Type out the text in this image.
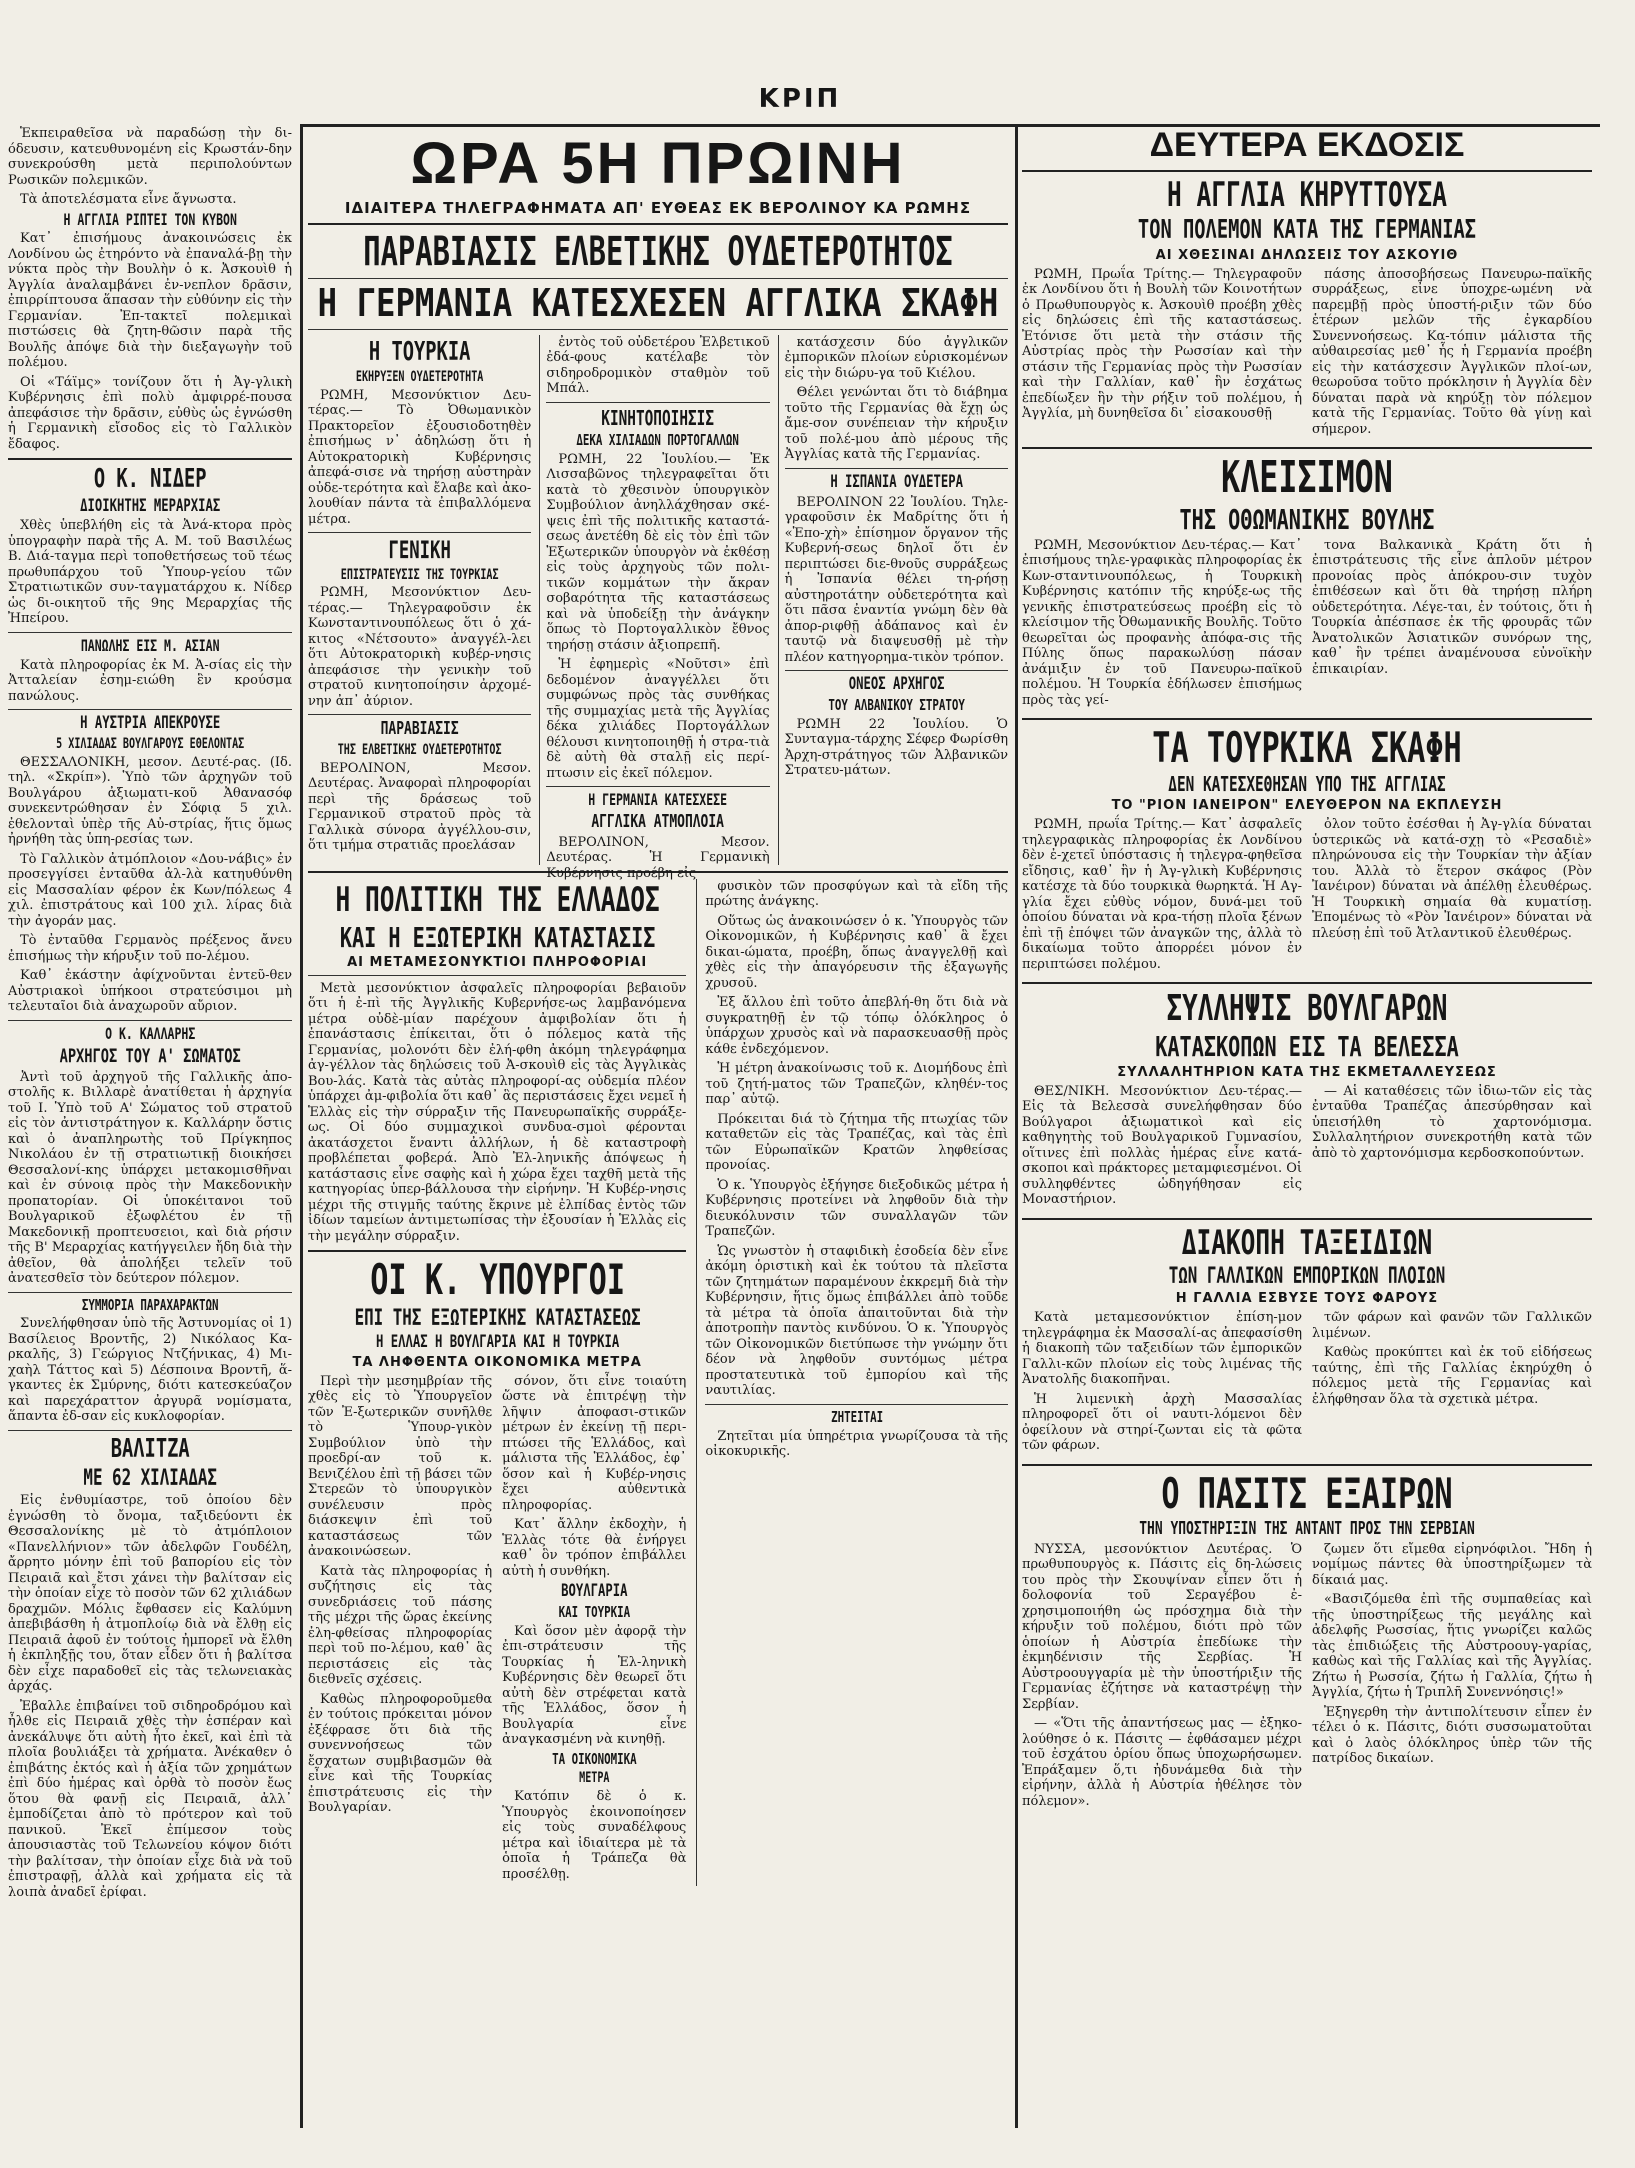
ΚΡΙΠ

Ἑκπειραθεῖσα νὰ παραδώσῃ τὴν δι-όδευσιν, κατευθυνομένη εἰς Κρωστάν-δην συνεκρούσθη μετὰ περιπολούντων Ρωσικῶν πολεμικῶν.

Τὰ ἀποτελέσματα εἶνε ἄγνωστα.

Η ΑΓΓΛΙΑ ΡΙΠΤΕΙ ΤΟΝ ΚΥΒΟΝ

Κατ᾽ ἐπισήμους ἀνακοινώσεις ἐκ Λονδίνου ὡς ἐτηρόντο νὰ ἐπαναλά-βῃ τὴν νύκτα πρὸς τὴν Βουλὴν ὁ κ. Ἀσκουὶθ ἡ Ἀγγλία ἀναλαμβάνει ἐν-νεπλον δρᾶσιν, ἐπιρρίπτουσα ἅπασαν τὴν εὐθύνην εἰς τὴν Γερμανίαν. Ἐπ-τακτεῖ πολεμικαὶ πιστώσεις θὰ ζητη-θῶσιν παρὰ τῆς Βουλῆς ἀπόψε διὰ τὴν διεξαγωγὴν τοῦ πολέμου.

Οἱ «Τάϊμς» τονίζουν ὅτι ἡ Ἀγ-γλικὴ Κυβέρνησις ἐπὶ πολὺ ἀμφιρρέ-πουσα ἀπεφάσισε τὴν δρᾶσιν, εὐθὺς ὡς ἐγνώσθη ἡ Γερμανικὴ εἴσοδος εἰς τὸ Γαλλικὸν ἔδαφος.

Ο Κ. ΝΙΔΕΡ
ΔΙΟΙΚΗΤΗΣ ΜΕΡΑΡΧΙΑΣ

Χθὲς ὑπεβλήθη εἰς τὰ Ἀνά-κτορα πρὸς ὑπογραφὴν παρὰ τῆς Α. Μ. τοῦ Βασιλέως Β. Διά-ταγμα περὶ τοποθετήσεως τοῦ τέως πρωθυπάρχου τοῦ Ὑπουρ-γείου τῶν Στρατιωτικῶν συν-ταγματάρχου κ. Νίδερ ὡς δι-οικητοῦ τῆς 9ης Μεραρχίας τῆς Ἠπείρου.

ΠΑΝΩΛΗΣ ΕΙΣ Μ. ΑΣΙΑΝ

Κατὰ πληροφορίας ἐκ Μ. Ἀ-σίας εἰς τὴν Ἀτταλείαν ἐσημ-ειώθη ἓν κρούσμα πανώλους.

Η ΑΥΣΤΡΙΑ ΑΠΕΚΡΟΥΣΕ
5 ΧΙΛΙΑΔΑΣ ΒΟΥΛΓΑΡΟΥΣ ΕΘΕΛΟΝΤΑΣ

ΘΕΣΣΑΛΟΝΙΚΗ, μεσον. Δευτέ-ρας. (Ιδ. τηλ. «Σκρίπ»). Ὑπὸ τῶν ἀρχηγῶν τοῦ Βουλγάρου ἀξιωματι-κοῦ Ἀθανασόφ συνεκεντρώθησαν ἐν Σόφιᾳ 5 χιλ. ἐθελονταὶ ὑπὲρ τῆς Αὐ-στρίας, ἥτις ὅμως ἠρνήθη τὰς ὑπη-ρεσίας των.

Τὸ Γαλλικὸν ἀτμόπλοιον «Δου-νάβις» ἐν προσεγγίσει ἐνταῦθα ἀλ-λὰ κατηυθύνθη εἰς Μασσαλίαν φέρον ἐκ Κων/πόλεως 4 χιλ. ἐπιστράτους καὶ 100 χιλ. λίρας διὰ τὴν ἀγοράν μας.

Τὸ ἐνταῦθα Γερμανὸς πρέξενος ἄνευ ἐπισήμως τὴν κήρυξιν τοῦ πο-λέμου.

Καθ᾽ ἑκάστην ἀφίχνοῦνται ἐντεῦ-θεν Αὐστριακοὶ ὑπήκοοι στρατεύσιμοι μὴ τελευταῖοι διὰ ἀναχωροῦν αὔριον.

Ο Κ. ΚΑΛΛΑΡΗΣ
ΑΡΧΗΓΟΣ ΤΟΥ Α' ΣΩΜΑΤΟΣ

Ἀντὶ τοῦ ἀρχηγοῦ τῆς Γαλλικῆς ἀπο-στολῆς κ. Βιλλαρὲ ἀνατίθεται ἡ ἀρχηγία τοῦ Ι. Ὑπὸ τοῦ Α' Σώματος τοῦ στρατοῦ εἰς τὸν ἀντιστράτηγον κ. Καλλάρην ὅστις καὶ ὁ ἀναπληρωτὴς τοῦ Πρίγκηπος Νικολάου ἐν τῇ στρατιωτικῇ διοικήσει Θεσσαλονί-κης ὑπάρχει μετακομισθῆναι καὶ ἐν σύνοιᾳ πρὸς τὴν Μακεδονικὴν προπατορίαν. Οἱ ὑποκέιτανοι τοῦ Βουλγαρικοῦ ἐξωφλέτου ἐν τῇ Μακεδονικῇ προπτευσειοι, καὶ διὰ ρήσιν τῆς Β' Μεραρχίας κατήγγειλεν ἤδη διὰ τὴν ἀθεῖον, θὰ ἀπολήξει τελεῖν τοῦ ἀνατεσθεῖσ τὸν δεύτερον πόλεμον.

ΣΥΜΜΟΡΙΑ ΠΑΡΑΧΑΡΑΚΤΩΝ

Συνελήφθησαν ὑπὸ τῆς Ἀστυνομίας οἱ 1) Βασίλειος Βροντῆς, 2) Νικόλαος Κα-ρκαλῆς, 3) Γεώργιος Ντζήνικας, 4) Μι-χαὴλ Τάττος καὶ 5) Δέσποινα Βροντῆ, ἅ-γκαντες ἐκ Σμύρνης, διότι κατεσκεύαζον καὶ παρεχάραττον ἀργυρᾶ νομίσματα, ἅπαντα ἐδ-σαν εἰς κυκλοφορίαν.

ΒΑΛΙΤΖΑ
ΜΕ 62 ΧΙΛΙΑΔΑΣ

Εἰς ἐνθυμίαστρε, τοῦ ὁποίου δὲν ἐγνώσθη τὸ ὄνομα, ταξιδεύοντι ἐκ Θεσσαλονίκης μὲ τὸ ἀτμόπλοιον «Πανελλήνιον» τῶν ἀδελφῶν Γουδέλη, ἄρρητο μόνην ἐπὶ τοῦ βαπορίου εἰς τὸν Πειραιᾶ καὶ ἔτσι χάνει τὴν βαλίτσαν εἰς τὴν ὁποίαν εἶχε τὸ ποσὸν τῶν 62 χιλιάδων δραχμῶν. Μόλις ἔφθασεν εἰς Καλύμνη ἀπεβιβάσθη ἡ ἀτμοπλοίῳ διὰ νὰ ἔλθῃ εἰς Πειραιᾶ ἀφοῦ ἐν τούτοις ἠμπορεῖ νὰ ἔλθη ἡ ἐκπληξῇς του, ὅταν εἶδεν ὅτι ἡ βαλίτσα δὲν εἶχε παραδοθεῖ εἰς τὰς τελωνειακὰς ἀρχάς.

Ἐβαλλε ἐπιβαίνει τοῦ σιδηροδρόμου καὶ ἦλθε εἰς Πειραιᾶ χθὲς τὴν ἑσπέραν καὶ ἀνεκάλυψε ὅτι αὐτὴ ἦτο ἐκεῖ, καὶ ἐπὶ τὰ πλοῖα βουλιάξει τὰ χρήματα. Ἀνέκαθεν ὁ ἐπιβάτης ἐκτός καὶ ἡ ἀξία τῶν χρημάτων ἐπὶ δύο ἡμέρας καὶ ὀρθὰ τὸ ποσὸν ἔως ὅτου θὰ φανῇ εἰς Πειραιᾶ, ἀλλ᾽ ἐμποδίζεται ἀπὸ τὸ πρότερον καὶ τοῦ πανικοῦ. Ἐκεῖ ἐπίμεσον τοὺς ἀπουσιαστὰς τοῦ Τελωνείου κόψον διότι τὴν βαλίτσαν, τὴν ὁποίαν εἶχε διὰ νὰ τοῦ ἐπιστραφῇ, ἀλλὰ καὶ χρήματα εἰς τὰ λοιπὰ ἀναδεῖ ἐρίφαι.

ΩΡΑ 5Η ΠΡΩΙΝΗ
ΙΔΙΑΙΤΕΡΑ ΤΗΛΕΓΡΑΦΗΜΑΤΑ ΑΠ' ΕΥΘΕΑΣ ΕΚ ΒΕΡΟΛΙΝΟΥ ΚΑ ΡΩΜΗΣ
ΠΑΡΑΒΙΑΣΙΣ ΕΛΒΕΤΙΚΗΣ ΟΥΔΕΤΕΡΟΤΗΤΟΣ
Η ΓΕΡΜΑΝΙΑ ΚΑΤΕΣΧΕΣΕΝ ΑΓΓΛΙΚΑ ΣΚΑΦΗ
Η ΤΟΥΡΚΙΑ
ΕΚΗΡΥΞΕΝ ΟΥΔΕΤΕΡΟΤΗΤΑ

ΡΩΜΗ, Μεσονύκτιον Δευ-τέρας.— Τὸ Ὀθωμανικὸν Πρακτορεῖον ἐξουσιοδοτηθὲν ἐπισήμως ν᾽ ἀδηλώσῃ ὅτι ἡ Αὐτοκρατορικὴ Κυβέρνησις ἀπεφά-σισε νὰ τηρήσῃ αὐστηρὰν οὐδε-τερότητα καὶ ἔλαβε καὶ ἀκο-λουθίαν πάντα τὰ ἐπιβαλλόμενα μέτρα.

ΓΕΝΙΚΗ
ΕΠΙΣΤΡΑΤΕΥΣΙΣ ΤΗΣ ΤΟΥΡΚΙΑΣ

ΡΩΜΗ, Μεσονύκτιον Δευ-τέρας.— Τηλεγραφοῦσιν ἐκ Κωνσταντινουπόλεως ὅτι ὁ χά-κιτος «Νέτσουτο» ἀναγγέλ-λει ὅτι Αὐτοκρατορικὴ κυβέρ-νησις ἀπεφάσισε τὴν γενικὴν τοῦ στρατοῦ κινητοποίησιν ἀρχομέ-νην ἀπ᾽ ἀύριον.

ΠΑΡΑΒΙΑΣΙΣ
ΤΗΣ ΕΛΒΕΤΙΚΗΣ ΟΥΔΕΤΕΡΟΤΗΤΟΣ

ΒΕΡΟΛΙΝΟΝ, Μεσον. Δευτέρας. Ἀναφοραὶ πληροφορίαι περὶ τῆς δράσεως τοῦ Γερμανικοῦ στρατοῦ πρὸς τὰ Γαλλικὰ σύνορα ἀγγέλλου-σιν, ὅτι τμήμα στρατιᾶς προελάσαν

ἐντὸς τοῦ οὐδετέρου Ἐλβετικοῦ ἐδά-φους κατέλαβε τὸν σιδηροδρομικὸν σταθμὸν τοῦ Μπάλ.

ΚΙΝΗΤΟΠΟΙΗΣΙΣ
ΔΕΚΑ ΧΙΛΙΑΔΩΝ ΠΟΡΤΟΓΑΛΛΩΝ

ΡΩΜΗ, 22 Ἰουλίου.— Ἐκ Λισσαβῶνος τηλεγραφεῖται ὅτι κατὰ τὸ χθεσινὸν ὑπουργικὸν Συμβούλιον ἀνηλλάχθησαν σκέ-ψεις ἐπὶ τῆς πολιτικῆς καταστά-σεως ἀνετέθη δὲ εἰς τὸν ἐπὶ τῶν Ἐξωτερικῶν ὑπουργὸν νὰ ἐκθέσῃ εἰς τοὺς ἀρχηγοὺς τῶν πολι-τικῶν κομμάτων τὴν ἄκραν σοβαρότητα τῆς καταστάσεως καὶ νὰ ὑποδείξῃ τὴν ἀνάγκην ὅπως τὸ Πορτογαλλικὸν ἔθνος τηρήσῃ στάσιν ἀξιοπρεπῆ.

Ἡ ἐφημερὶς «Νοῦτσι» ἐπὶ δεδομένον ἀναγγέλλει ὅτι συμφώνως πρὸς τὰς συνθήκας τῆς συμμαχίας μετὰ τῆς Ἀγγλίας δέκα χιλιάδες Πορτογάλλων θέλουσι κινητοποιηθῇ ἡ στρα-τιὰ δὲ αὐτὴ θὰ σταλῇ εἰς περί-πτωσιν εἰς ἐκεῖ πόλεμον.

Η ΓΕΡΜΑΝΙΑ ΚΑΤΕΣΧΕΣΕ
ΑΓΓΛΙΚΑ ΑΤΜΟΠΛΟΙΑ

ΒΕΡΟΛΙΝΟΝ, Μεσον. Δευτέρας. Ἡ Γερμανικὴ Κυβέρνησις προέβη εἰς

κατάσχεσιν δύο ἀγγλικῶν ἐμπορικῶν πλοίων εὑρισκομένων εἰς τὴν διώρυ-γα τοῦ Κιέλου.

Θέλει γενώνται ὅτι τὸ διάβημα τοῦτο τῆς Γερμανίας θὰ ἔχῃ ὡς ἄμε-σον συνέπειαν τὴν κήρυξιν τοῦ πολέ-μου ἀπὸ μέρους τῆς Ἀγγλίας κατὰ τῆς Γερμανίας.

Η ΙΣΠΑΝΙΑ ΟΥΔΕΤΕΡΑ

ΒΕΡΟΛΙΝΟΝ 22 Ἰουλίου. Τηλε-γραφοῦσιν ἐκ Μαδρίτης ὅτι ἡ «Ἐπο-χὴ» ἐπίσημον ὄργανον τῆς Κυβερνή-σεως δηλοῖ ὅτι ἐν περιπτώσει διε-θνοῦς συρράξεως ἡ Ἰσπανία θέλει τη-ρήσῃ αὐστηροτάτην οὐδετερότητα καὶ ὅτι πᾶσα ἐναντία γνώμη δὲν θὰ ἀπορ-ριφθῇ ἀδάπανος καὶ ἐν ταυτῷ νὰ διαψευσθῇ μὲ τὴν πλέον κατηγορημα-τικὸν τρόπον.

ΟΝΕΟΣ ΑΡΧΗΓΟΣ
ΤΟΥ ΑΛΒΑΝΙΚΟΥ ΣΤΡΑΤΟΥ

ΡΩΜΗ 22 Ἰουλίου. Ὁ Συνταγμα-τάρχης Σέφερ Φωρίσθη Ἀρχη-στράτηγος τῶν Ἀλβανικῶν Στρατευ-μάτων.

Η ΠΟΛΙΤΙΚΗ ΤΗΣ ΕΛΛΑΔΟΣ
ΚΑΙ Η ΕΞΩΤΕΡΙΚΗ ΚΑΤΑΣΤΑΣΙΣ
ΑΙ ΜΕΤΑΜΕΣΟΝΥΚΤΙΟΙ ΠΛΗΡΟΦΟΡΙΑΙ

Μετὰ μεσονύκτιον ἀσφαλεῖς πληροφορίαι βεβαιοῦν ὅτι ἡ ἐ-πὶ τῆς Ἀγγλικῆς Κυβερνήσε-ως λαμβανόμενα μέτρα οὐδὲ-μίαν παρέχουν ἀμφιβολίαν ὅτι ἡ ἐπανάστασις ἐπίκειται, ὅτι ὁ πόλεμος κατὰ τῆς Γερμανίας, μολονότι δὲν ἐλή-φθη ἀκόμη τηλεγράφημα ἀγ-γέλλον τὰς δηλώσεις τοῦ Ἀ-σκουὶθ εἰς τὰς Ἀγγλικὰς Βου-λάς. Κατὰ τὰς αὐτὰς πληροφορί-ας οὐδεμία πλέον ὑπάρχει ἀμ-φιβολία ὅτι καθ᾽ ἃς περιστάσεις ἔχει νεμεῖ ἡ Ἑλλὰς εἰς τὴν σύρραξιν τῆς Πανευρωπαϊκῆς συρράξε-ως. Οἱ δύο συμμαχικοὶ συνδυα-σμοὶ φέρονται ἀκατάσχετοι ἔναντι ἀλλήλων, ἡ δὲ καταστροφὴ προβλέπεται φοβερά. Ἀπὸ Ἐλ-ληνικῆς ἀπόψεως ἡ κατάστασις εἶνε σαφὴς καὶ ἡ χώρα ἔχει ταχθῆ μετὰ τῆς κατηγορίας ὑπερ-βάλλουσα τὴν εἰρήνην. Ἡ Κυβέρ-νησις μέχρι τῆς στιγμῆς ταύτης ἔκρινε μὲ ἐλπίδας ἐντὸς τῶν ἰδίων ταμείων ἀντιμετωπίσας τὴν ἐξουσίαν ἡ Ἑλλὰς εἰς τὴν μεγάλην σύρραξιν.

ΟΙ Κ. ΥΠΟΥΡΓΟΙ
ΕΠΙ ΤΗΣ ΕΞΩΤΕΡΙΚΗΣ ΚΑΤΑΣΤΑΣΕΩΣ
Η ΕΛΛΑΣ Η ΒΟΥΛΓΑΡΙΑ ΚΑΙ Η ΤΟΥΡΚΙΑ
ΤΑ ΛΗΦΘΕΝΤΑ ΟΙΚΟΝΟΜΙΚΑ ΜΕΤΡΑ

Περὶ τὴν μεσημβρίαν τῆς χθὲς εἰς τὸ Ὑπουργεῖον τῶν Ἐ-ξωτερικῶν συνῆλθε τὸ Ὑπουρ-γικὸν Συμβούλιον ὑπὸ τὴν προεδρί-αν τοῦ κ. Βενιζέλου ἐπὶ τῇ βάσει τῶν Στερεῶν τὸ ὑπουργικὸν συνέλευσιν πρὸς διάσκεψιν ἐπὶ τοῦ καταστάσεως τῶν ἀνακοινώσεων.

Κατὰ τὰς πληροφορίας ἡ συζήτησις εἰς τὰς συνεδριάσεις τοῦ πάσης τῆς μέχρι τῆς ὥρας ἐκείνης ἐλη-φθείσας πληροφορίας περὶ τοῦ πο-λέμου, καθ᾽ ἃς περιστάσεις εἰς τὰς διεθνεῖς σχέσεις.

Καθὼς πληροφοροῦμεθα ἐν τούτοις πρόκειται μόνον ἐξέφρασε ὅτι διὰ τῆς συνεννοήσεως τῶν ἔσχατων συμβιβασμῶν θὰ εἶνε καὶ τῆς Τουρκίας ἐπιστράτευσις εἰς τὴν Βουλγαρίαν.

σόνον, ὅτι εἶνε τοιαύτη ὥστε νὰ ἐπιτρέψῃ τὴν λῆψιν ἀποφασι-στικῶν μέτρων ἐν ἐκείνῃ τῇ περι-πτώσει τῆς Ἑλλάδος, καὶ μάλιστα τῆς Ἑλλάδος, ἐφ᾽ ὅσον καὶ ἡ Κυβέρ-νησις ἔχει αὐθεντικὰ πληροφορίας.

Κατ᾽ ἄλλην ἐκδοχὴν, ἡ Ἑλλὰς τότε θὰ ἐνήργει καθ᾽ ὃν τρόπον ἐπιβάλλει αὐτὴ ἡ συνθήκη.

ΒΟΥΛΓΑΡΙΑ
ΚΑΙ ΤΟΥΡΚΙΑ

Καὶ ὅσον μὲν ἀφορᾷ τὴν ἐπι-στράτευσιν τῆς Τουρκίας ἡ Ἑλ-ληνικὴ Κυβέρνησις δὲν θεωρεῖ ὅτι αὐτὴ δὲν στρέφεται κατὰ τῆς Ἑλλάδος, ὅσον ἡ Βουλγαρία εἶνε ἀναγκασμένη νὰ κινηθῇ.

ΤΑ ΟΙΚΟΝΟΜΙΚΑ
ΜΕΤΡΑ

Κατόπιν δὲ ὁ κ. Ὑπουργὸς ἐκοινοποίησεν εἰς τοὺς συναδέλφους μέτρα καὶ ἰδιαίτερα μὲ τὰ ὁποῖα ἡ Τράπεζα θὰ προσέλθῃ.

φυσικὸν τῶν προσφύγων καὶ τὰ εἴδη τῆς πρώτης ἀνάγκης.

Οὕτως ὡς ἀνακοινώσεν ὁ κ. Ὑπουργὸς τῶν Οἰκονομικῶν, ἡ Κυβέρνησις καθ᾽ ἃ ἔχει δικαι-ώματα, προέβη, ὅπως ἀναγγελθῇ καὶ χθὲς εἰς τὴν ἀπαγόρευσιν τῆς ἐξαγωγῆς χρυσοῦ.

Ἐξ ἄλλου ἐπὶ τοῦτο ἀπεβλή-θη ὅτι διὰ νὰ συγκρατηθῇ ἐν τῷ τόπῳ ὁλόκληρος ὁ ὑπάρχων χρυσὸς καὶ νὰ παρασκευασθῇ πρὸς κάθε ἐνδεχόμενον.

Ἡ μέτρη ἀνακοίνωσις τοῦ κ. Διομήδους ἐπὶ τοῦ ζητή-ματος τῶν Τραπεζῶν, κληθέν-τος παρ᾽ αὐτῷ.

Πρόκειται διά τὸ ζήτημα τῆς πτωχίας τῶν καταθετῶν εἰς τὰς Τραπέζας, καὶ τὰς ἐπὶ τῶν Εὐρωπαϊκῶν Κρατῶν ληφθείσας προνοίας.

Ὁ κ. Ὑπουργὸς ἐξήγησε διεξοδικῶς μέτρα ἡ Κυβέρνησις προτείνει νὰ ληφθοῦν διὰ τὴν διευκόλυνσιν τῶν συναλλαγῶν τῶν Τραπεζῶν.

Ὡς γνωστὸν ἡ σταφιδικὴ ἐσοδεία δὲν εἶνε ἀκόμη ὁριστικὴ καὶ ἐκ τούτου τὰ πλεῖστα τῶν ζητημάτων παραμένουν ἐκκρεμῆ διὰ τὴν Κυβέρνησιν, ἥτις ὅμως ἐπιβάλλει ἀπὸ τοῦδε τὰ μέτρα τὰ ὁποῖα ἀπαιτοῦνται διὰ τὴν ἀποτροπὴν παντὸς κινδύνου. Ὁ κ. Ὑπουργὸς τῶν Οἰκονομικῶν διετύπωσε τὴν γνώμην ὅτι δέον νὰ ληφθοῦν συντόμως μέτρα προστατευτικὰ τοῦ ἐμπορίου καὶ τῆς ναυτιλίας.

ΖΗΤΕΙΤΑΙ

Ζητεῖται μία ὑπηρέτρια γνωρίζουσα τὰ τῆς οἰκοκυρικῆς.

ΔΕΥΤΕΡΑ ΕΚΔΟΣΙΣ
Η ΑΓΓΛΙΑ ΚΗΡΥΤΤΟΥΣΑ
ΤΟΝ ΠΟΛΕΜΟΝ ΚΑΤΑ ΤΗΣ ΓΕΡΜΑΝΙΑΣ
ΑΙ ΧΘΕΣΙΝΑΙ ΔΗΛΩΣΕΙΣ ΤΟΥ ΑΣΚΟΥΙΘ

ΡΩΜΗ, Πρωΐα Τρίτης.— Τηλεγραφοῦν ἐκ Λονδίνου ὅτι ἡ Βουλὴ τῶν Κοινοτήτων ὁ Πρωθυπουργὸς κ. Ἀσκουὶθ προέβη χθὲς εἰς δηλώσεις ἐπὶ τῆς καταστάσεως. Ἐτόνισε ὅτι μετὰ τὴν στάσιν τῆς Αὐστρίας πρὸς τὴν Ρωσσίαν καὶ τὴν στάσιν τῆς Γερμανίας πρὸς τὴν Ρωσσίαν καὶ τὴν Γαλλίαν, καθ᾽ ἣν ἐσχάτως ἐπεδίωξεν ἣν τὴν ρήξιν τοῦ πολέμου, ἡ Ἀγγλία, μὴ δυνηθεῖσα δι᾽ εἰσακουσθῇ

πάσης ἀποσοβήσεως Πανευρω-παϊκῆς συρράξεως, εἶνε ὑποχρε-ωμένη νὰ παρεμβῇ πρὸς ὑποστή-ριξιν τῶν δύο ἑτέρων μελῶν τῆς ἐγκαρδίου Συνεννοήσεως. Κα-τόπιν μάλιστα τῆς αὐθαιρεσίας μεθ᾽ ἧς ἡ Γερμανία προέβη εἰς τὴν κατάσχεσιν Ἀγγλικῶν πλοί-ων, θεωροῦσα τοῦτο πρόκλησιν ἡ Ἀγγλία δὲν δύναται παρὰ νὰ κηρύξῃ τὸν πόλεμον κατὰ τῆς Γερμανίας. Τοῦτο θὰ γίνῃ καὶ σήμερον.

ΚΛΕΙΣΙΜΟΝ
ΤΗΣ ΟΘΩΜΑΝΙΚΗΣ ΒΟΥΛΗΣ

ΡΩΜΗ, Μεσονύκτιον Δευ-τέρας.— Κατ᾽ ἐπισήμους τηλε-γραφικὰς πληροφορίας ἐκ Κων-σταντινουπόλεως, ἡ Τουρκικὴ Κυβέρνησις κατόπιν τῆς κηρύξε-ως τῆς γενικῆς ἐπιστρατεύσεως προέβη εἰς τὸ κλείσιμον τῆς Ὀθωμανικῆς Βουλῆς. Τοῦτο θεωρεῖται ὡς προφανὴς ἀπόφα-σις τῆς Πύλης ὅπως παρακωλύσῃ πάσαν ἀνάμιξιν ἐν τοῦ Πανευρω-παϊκοῦ πολέμου. Ἡ Τουρκία ἐδήλωσεν ἐπισήμως πρὸς τὰς γεί-

τονα Βαλκανικὰ Κράτη ὅτι ἡ ἐπιστράτευσις τῆς εἶνε ἁπλοῦν μέτρον προνοίας πρὸς ἀπόκρου-σιν τυχὸν ἐπιθέσεων καὶ ὅτι θὰ τηρήσῃ πλήρη οὐδετερότητα. Λέγε-ται, ἐν τούτοις, ὅτι ἡ Τουρκία ἀπέσπασε ἐκ τῆς φρουρᾶς τῶν Ἀνατολικῶν Ἀσιατικῶν συνόρων της, καθ᾽ ἣν τρέπει ἀναμένουσα εὐνοϊκὴν ἐπικαιρίαν.

ΤΑ ΤΟΥΡΚΙΚΑ ΣΚΑΦΗ
ΔΕΝ ΚΑΤΕΣΧΕΘΗΣΑΝ ΥΠΟ ΤΗΣ ΑΓΓΛΙΑΣ
ΤΟ "ΡΙΟΝ ΙΑΝΕΙΡΟΝ" ΕΛΕΥΘΕΡΟΝ ΝΑ ΕΚΠΛΕΥΣΗ

ΡΩΜΗ, πρωΐα Τρίτης.— Κατ᾽ ἀσφαλεῖς τηλεγραφικὰς πληροφορίας ἐκ Λονδίνου δὲν ἐ-χετεῖ ὑπόστασις ἡ τηλεγρα-φηθεῖσα εἴδησις, καθ᾽ ἣν ἡ Ἀγ-γλικὴ Κυβέρνησις κατέσχε τὰ δύο τουρκικὰ θωρηκτά. Ἡ Αγ-γλία ἔχει εὐθὺς νόμον, δυνά-μει τοῦ ὁποίου δύναται νὰ κρα-τήσῃ πλοῖα ξένων ἐπὶ τῇ ἐπόψει τῶν ἀναγκῶν της, ἀλλὰ τὸ δικαίωμα τοῦτο ἀπορρέει μόνον ἐν περιπτώσει πολέμου.

ὀλον τοῦτο ἐσέσθαι ἡ Ἀγ-γλία δύναται ὑστερικῶς νὰ κατά-σχῃ τὸ «Ρεσαδιὲ» πληρώνουσα εἰς τὴν Τουρκίαν τὴν ἀξίαν του. Ἀλλὰ τὸ ἕτερον σκάφος (Ρὸν Ἰανέιρον) δύναται νὰ ἀπέλθῃ ἐλευθέρως. Ἡ Τουρκικὴ σημαία θὰ κυματίσῃ. Ἐπομένως τὸ «Ρὸν Ἰανέιρον» δύναται νὰ πλεύσῃ ἐπὶ τοῦ Ἀτλαντικοῦ ἐλευθέρως.

ΣΥΛΛΗΨΙΣ ΒΟΥΛΓΑΡΩΝ
ΚΑΤΑΣΚΟΠΩΝ ΕΙΣ ΤΑ ΒΕΛΕΣΣΑ
ΣΥΛΛΑΛΗΤΗΡΙΟΝ ΚΑΤΑ ΤΗΣ ΕΚΜΕΤΑΛΛΕΥΣΕΩΣ

ΘΕΣ/ΝΙΚΗ. Μεσονύκτιον Δευ-τέρας.— Εἰς τὰ Βελεσσὰ συνελήφθησαν δύο Βούλγαροι ἀξιωματικοὶ καὶ εἰς καθηγητὴς τοῦ Βουλγαρικοῦ Γυμνασίου, οἵτινες ἐπὶ πολλὰς ἡμέρας εἶνε κατά-σκοποι καὶ πράκτορες μεταμφιεσμένοι. Οἱ συλληφθέντες ὡδηγήθησαν εἰς Μοναστήριον.

— Αἱ καταθέσεις τῶν ἰδιω-τῶν εἰς τὰς ἐνταῦθα Τραπέζας ἀπεσύρθησαν καὶ ὑπεισήλθη τὸ χαρτονόμισμα. Συλλαλητήριον συνεκροτήθη κατὰ τῶν ἀπὸ τὸ χαρτονόμισμα κερδοσκοπούντων.

ΔΙΑΚΟΠΗ ΤΑΞΕΙΔΙΩΝ
ΤΩΝ ΓΑΛΛΙΚΩΝ ΕΜΠΟΡΙΚΩΝ ΠΛΟΙΩΝ
Η ΓΑΛΛΙΑ ΕΣΒΥΣΕ ΤΟΥΣ ΦΑΡΟΥΣ

Κατὰ μεταμεσονύκτιον ἐπίση-μον τηλεγράφημα ἐκ Μασσαλί-ας ἀπεφασίσθη ἡ διακοπὴ τῶν ταξειδίων τῶν ἐμπορικῶν Γαλλι-κῶν πλοίων εἰς τοὺς λιμένας τῆς Ἀνατολῆς διακοπῆναι.

Ἡ λιμενικὴ ἀρχὴ Μασσαλίας πληροφορεῖ ὅτι οἱ ναυτι-λόμενοι δὲν ὀφείλουν νὰ στηρί-ζωνται εἰς τὰ φῶτα τῶν φάρων.

τῶν φάρων καὶ φανῶν τῶν Γαλλικῶν λιμένων.

Καθὼς προκύπτει καὶ ἐκ τοῦ εἰδήσεως ταύτης, ἐπὶ τῆς Γαλλίας ἐκηρύχθη ὁ πόλεμος μετὰ τῆς Γερμανίας καὶ ἐλήφθησαν ὅλα τὰ σχετικὰ μέτρα.

Ο ΠΑΣΙΤΣ ΕΞΑΙΡΩΝ
ΤΗΝ ΥΠΟΣΤΗΡΙΞΙΝ ΤΗΣ ΑΝΤΑΝΤ ΠΡΟΣ ΤΗΝ ΣΕΡΒΙΑΝ

ΝΥΣΣΑ, μεσονύκτιον Δευτέρας. Ὁ πρωθυπουργὸς κ. Πάσιτς εἰς δη-λώσεις του πρὸς τὴν Σκουψίναν εἶπεν ὅτι ἡ δολοφονία τοῦ Σεραγέβου ἐ-χρησιμοποιήθη ὡς πρόσχημα διὰ τὴν κήρυξιν τοῦ πολέμου, διότι πρὸ τῶν ὁποίων ἡ Αὐστρία ἐπεδίωκε τὴν ἐκμηδένισιν τῆς Σερβίας. Ἡ Αὐστροουγγαρία μὲ τὴν ὑποστήριξιν τῆς Γερμανίας ἐζήτησε νὰ καταστρέψῃ τὴν Σερβίαν.

— «Ὅτι τῆς ἀπαντήσεως μας — ἐξηκο-λούθησε ὁ κ. Πάσιτς — ἐφθάσαμεν μέχρι τοῦ ἐσχάτου ὁρίου ὅπως ὑποχωρήσωμεν. Ἐπράξαμεν ὅ,τι ἠδυνάμεθα διὰ τὴν εἰρήνην, ἀλλὰ ἡ Αὐστρία ἠθέλησε τὸν πόλεμον».

ζωμεν ὅτι εἴμεθα εἰρηνόφιλοι. Ἤδη ἡ νομίμως πάντες θὰ ὑποστηρίξωμεν τὰ δίκαιά μας.

«Βασιζόμεθα ἐπὶ τῆς συμπαθείας καὶ τῆς ὑποστηρίξεως τῆς μεγάλης καὶ ἀδελφῆς Ρωσσίας, ἥτις γνωρίζει καλῶς τὰς ἐπιδιώξεις τῆς Αὐστροουγ-γαρίας, καθὼς καὶ τῆς Γαλλίας καὶ τῆς Ἀγγλίας. Ζήτω ἡ Ρωσσία, ζήτω ἡ Γαλλία, ζήτω ἡ Ἀγγλία, ζήτω ἡ Τριπλῆ Συνεννόησις!»

Ἐξηγερθη τὴν ἀντιπολίτευσιν εἶπεν ἐν τέλει ὁ κ. Πάσιτς, διότι συσσωματοῦται καὶ ὁ λαὸς ὁλόκληρος ὑπὲρ τῶν τῆς πατρίδος δικαίων.
